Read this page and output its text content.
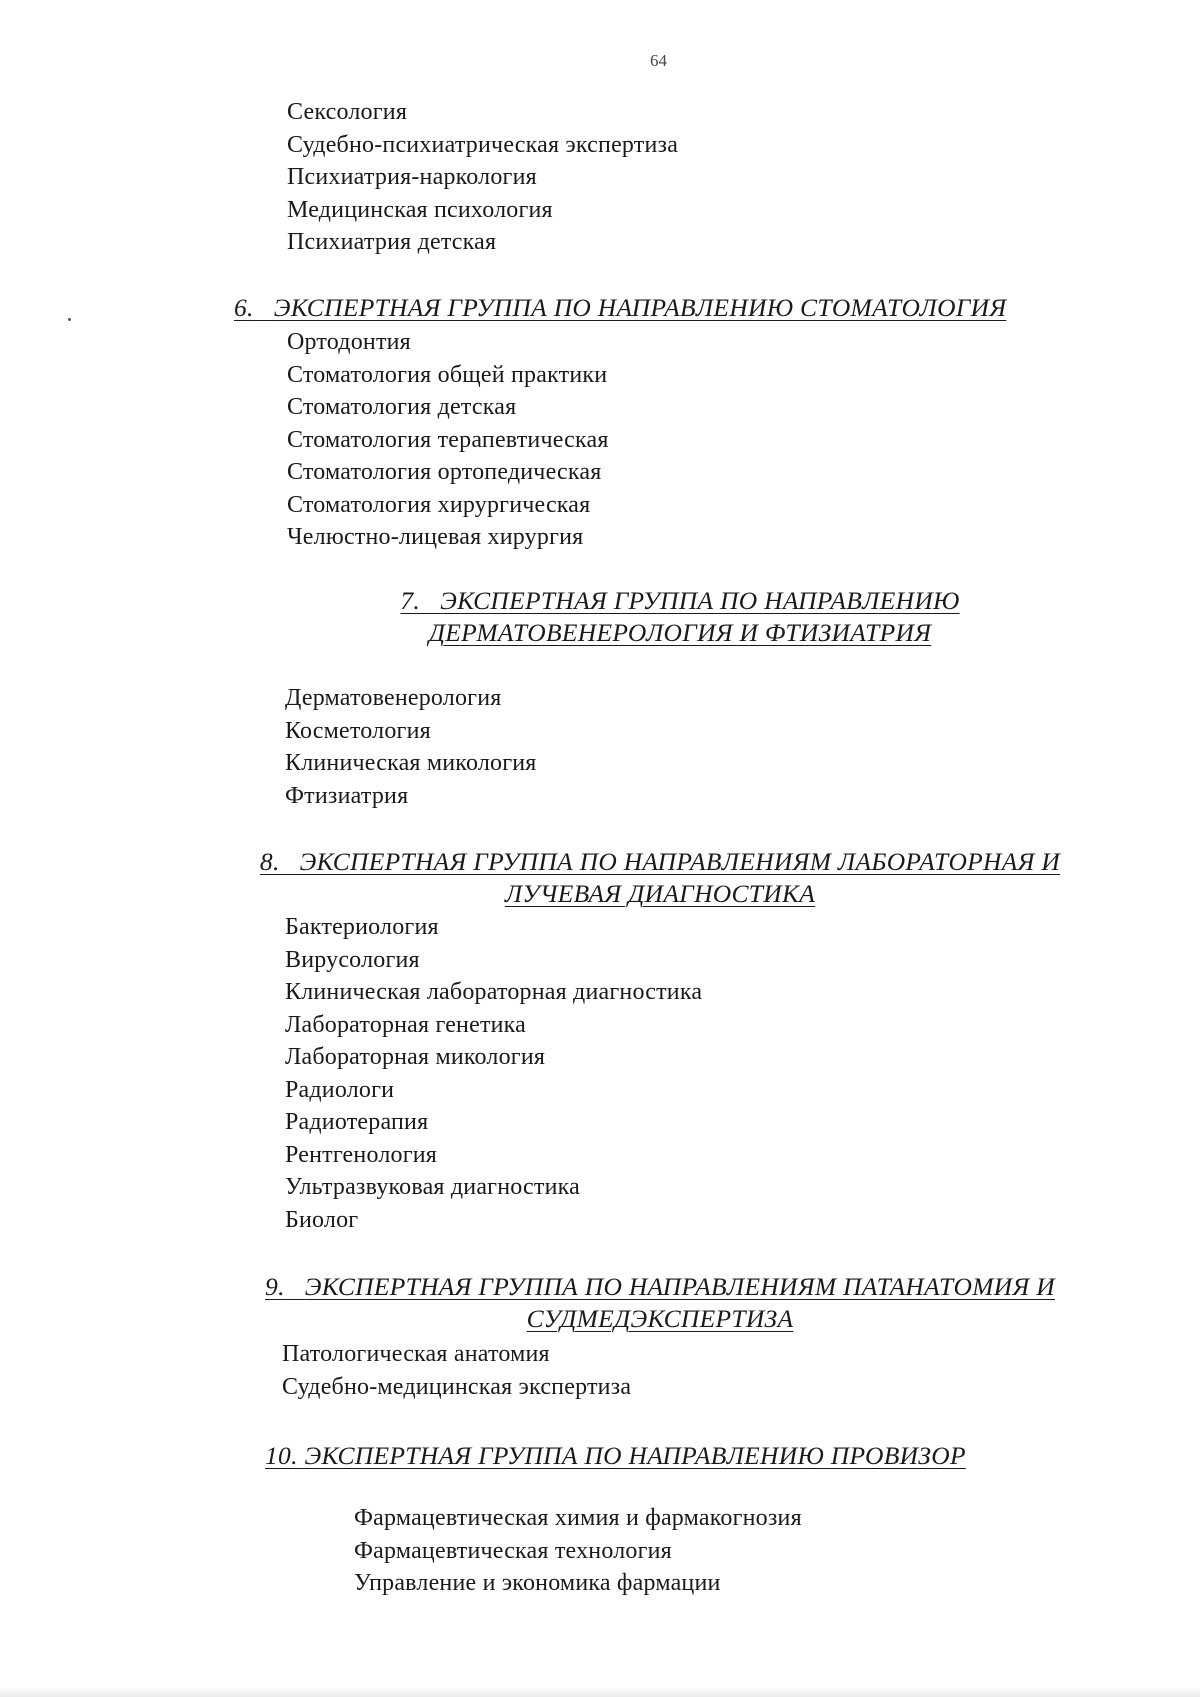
64
Сексология
Судебно-психиатрическая экспертиза
Психиатрия-наркология
Медицинская психология
Психиатрия детская
6. ЭКСПЕРТНАЯ ГРУППА ПО НАПРАВЛЕНИЮ СТОМАТОЛОГИЯ
Ортодонтия
Стоматология общей практики
Стоматология детская
Стоматология терапевтическая
Стоматология ортопедическая
Стоматология хирургическая
Челюстно-лицевая хирургия
7. ЭКСПЕРТНАЯ ГРУППА ПО НАПРАВЛЕНИЮ
ДЕРМАТОВЕНЕРОЛОГИЯ И ФТИЗИАТРИЯ
Дерматовенерология
Косметология
Клиническая микология
Фтизиатрия
8. ЭКСПЕРТНАЯ ГРУППА ПО НАПРАВЛЕНИЯМ ЛАБОРАТОРНАЯ И
ЛУЧЕВАЯ ДИАГНОСТИКА
Бактериология
Вирусология
Клиническая лабораторная диагностика
Лабораторная генетика
Лабораторная микология
Радиологи
Радиотерапия
Рентгенология
Ультразвуковая диагностика
Биолог
9. ЭКСПЕРТНАЯ ГРУППА ПО НАПРАВЛЕНИЯМ ПАТАНАТОМИЯ И
СУДМЕДЭКСПЕРТИЗА
Патологическая анатомия
Судебно-медицинская экспертиза
10. ЭКСПЕРТНАЯ ГРУППА ПО НАПРАВЛЕНИЮ ПРОВИЗОР
Фармацевтическая химия и фармакогнозия
Фармацевтическая технология
Управление и экономика фармации
